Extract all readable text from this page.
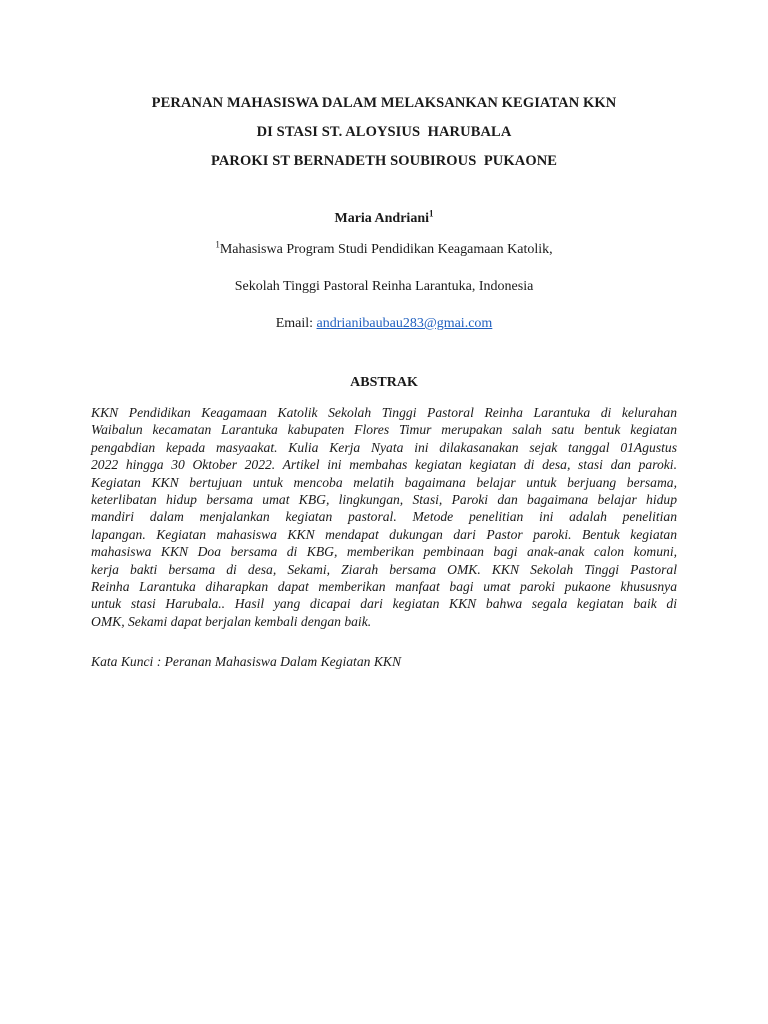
PERANAN MAHASISWA DALAM MELAKSANKAN KEGIATAN KKN
DI STASI ST. ALOYSIUS  HARUBALA
PAROKI ST BERNADETH SOUBIROUS  PUKAONE
Maria Andriani$^1$
$^1$Mahasiswa Program Studi Pendidikan Keagamaan Katolik,
Sekolah Tinggi Pastoral Reinha Larantuka, Indonesia
Email: andrianibaubau283@gmai.com
ABSTRAK
KKN Pendidikan Keagamaan Katolik Sekolah Tinggi Pastoral Reinha Larantuka di kelurahan
Waibalun kecamatan Larantuka kabupaten Flores Timur merupakan salah satu bentuk kegiatan
pengabdian kepada masyaakat. Kulia Kerja Nyata ini dilakasanakan sejak tanggal 01Agustus
2022 hingga 30 Oktober 2022. Artikel ini membahas kegiatan kegiatan di desa, stasi dan paroki.
Kegiatan KKN bertujuan untuk mencoba melatih bagaimana belajar untuk berjuang bersama,
keterlibatan hidup bersama umat KBG, lingkungan, Stasi, Paroki dan bagaimana belajar hidup
mandiri dalam menjalankan kegiatan pastoral. Metode penelitian ini adalah penelitian
lapangan. Kegiatan mahasiswa KKN mendapat dukungan dari Pastor paroki. Bentuk kegiatan
mahasiswa KKN Doa bersama di KBG, memberikan pembinaan bagi anak-anak calon komuni,
kerja bakti bersama di desa, Sekami, Ziarah bersama OMK. KKN Sekolah Tinggi Pastoral
Reinha Larantuka diharapkan dapat memberikan manfaat bagi umat paroki pukaone khususnya
untuk stasi Harubala.. Hasil yang dicapai dari kegiatan KKN bahwa segala kegiatan baik di
OMK, Sekami dapat berjalan kembali dengan baik.
Kata Kunci : Peranan Mahasiswa Dalam Kegiatan KKN
